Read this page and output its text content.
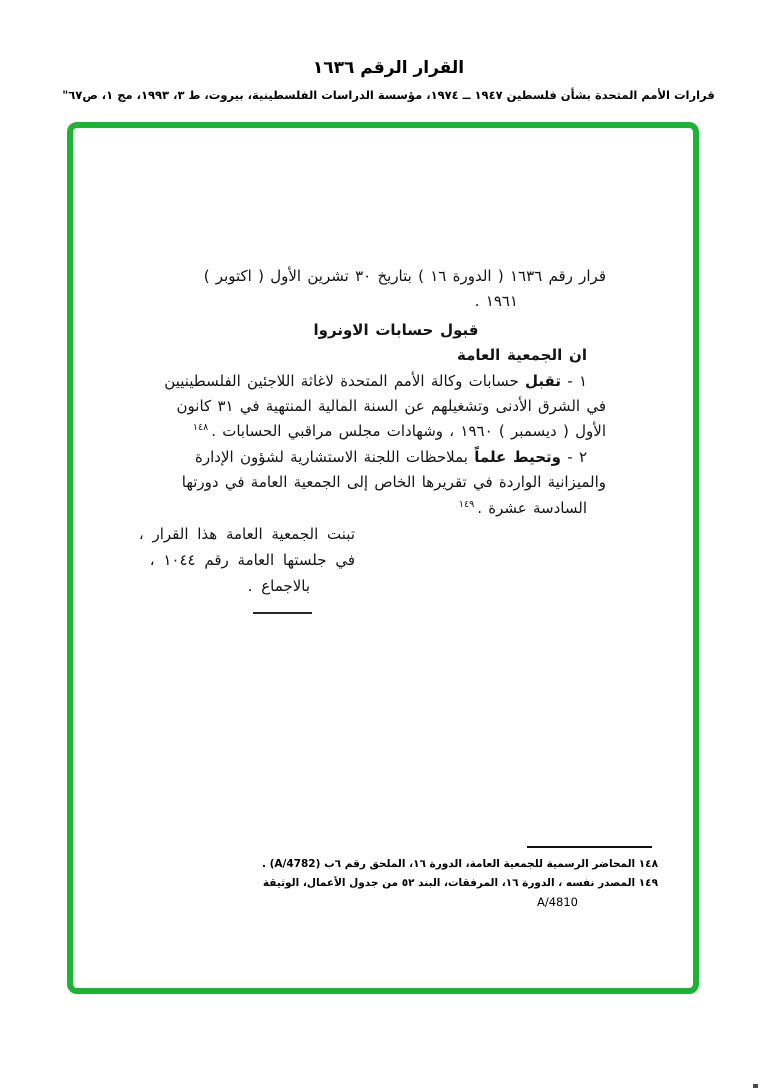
القرار الرقم ١٦٣٦
قرارات الأمم المتحدة بشأن فلسطين ١٩٤٧ ــ ١٩٧٤، مؤسسة الدراسات الفلسطينية، بيروت، ط ٣، ١٩٩٣، مج ١، ص٦٧"
قرار رقم ١٦٣٦ ( الدورة ١٦ ) بتاريخ ٣٠ تشرين الأول ( اكتوبر )
١٩٦١ .
قبول حسابات الاونروا
ان الجمعية العامة
١ - تقبل حسابات وكالة الأمم المتحدة لاغاثة اللاجئين الفلسطينيين
في الشرق الأدنى وتشغيلهم عن السنة المالية المنتهية في ٣١ كانون
الأول ( ديسمبر ) ١٩٦٠ ، وشهادات مجلس مراقبي الحسابات .$^{١٤٨}$
٢ - وتحيط علماً بملاحظات اللجنة الاستشارية لشؤون الإدارة
والميزانية الواردة في تقريرها الخاص إلى الجمعية العامة في دورتها
السادسة عشرة .$^{١٤٩}$
تبنت الجمعية العامة هذا القرار ،
في جلستها العامة رقم ١٠٤٤ ،
بالاجماع .
١٤٨ المحاضر الرسمية للجمعية العامة، الدورة ١٦، الملحق رقم ٦ب (A/4782) .
١٤٩ المصدر نفسه ، الدورة ١٦، المرفقات، البند ٥٢ من جدول الأعمال، الوثيقة
A/4810
